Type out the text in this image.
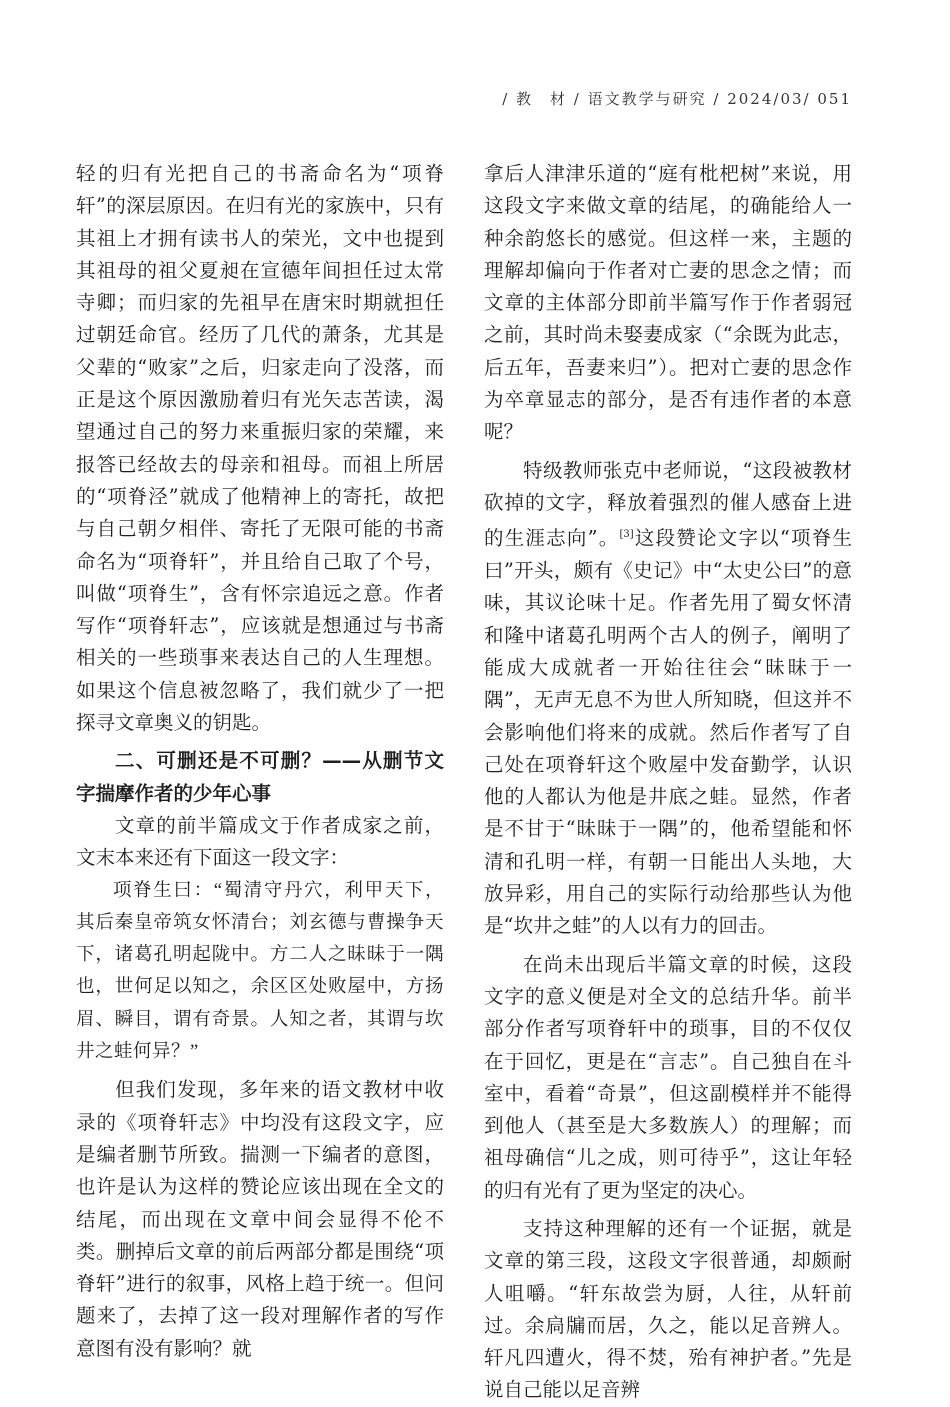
/ 教　材 / 语文教学与研究 / 2024/03/ 051

轻的归有光把自己的书斋命名为“项脊轩”的深层原因。在归有光的家族中，只有其祖上才拥有读书人的荣光，文中也提到其祖母的祖父夏昶在宣德年间担任过太常寺卿；而归家的先祖早在唐宋时期就担任过朝廷命官。经历了几代的萧条，尤其是父辈的“败家”之后，归家走向了没落，而正是这个原因激励着归有光矢志苦读，渴望通过自己的努力来重振归家的荣耀，来报答已经故去的母亲和祖母。而祖上所居的“项脊泾”就成了他精神上的寄托，故把与自己朝夕相伴、寄托了无限可能的书斋命名为“项脊轩”，并且给自己取了个号，叫做“项脊生”，含有怀宗追远之意。作者写作“项脊轩志”，应该就是想通过与书斋相关的一些琐事来表达自己的人生理想。如果这个信息被忽略了，我们就少了一把探寻文章奥义的钥匙。

二、可删还是不可删？——从删节文字揣摩作者的少年心事

文章的前半篇成文于作者成家之前，文末本来还有下面这一段文字：

项脊生曰：“蜀清守丹穴，利甲天下，其后秦皇帝筑女怀清台；刘玄德与曹操争天下，诸葛孔明起陇中。方二人之昧昧于一隅也，世何足以知之，余区区处败屋中，方扬眉、瞬目，谓有奇景。人知之者，其谓与坎井之蛙何异？”

但我们发现，多年来的语文教材中收录的《项脊轩志》中均没有这段文字，应是编者删节所致。揣测一下编者的意图，也许是认为这样的赞论应该出现在全文的结尾，而出现在文章中间会显得不伦不类。删掉后文章的前后两部分都是围绕“项脊轩”进行的叙事，风格上趋于统一。但问题来了，去掉了这一段对理解作者的写作意图有没有影响？就

拿后人津津乐道的“庭有枇杷树”来说，用这段文字来做文章的结尾，的确能给人一种余韵悠长的感觉。但这样一来，主题的理解却偏向于作者对亡妻的思念之情；而文章的主体部分即前半篇写作于作者弱冠之前，其时尚未娶妻成家（“余既为此志，后五年，吾妻来归”）。把对亡妻的思念作为卒章显志的部分，是否有违作者的本意呢？

特级教师张克中老师说，“这段被教材砍掉的文字，释放着强烈的催人感奋上进的生涯志向”。[3]这段赞论文字以“项脊生曰”开头，颇有《史记》中“太史公曰”的意味，其议论味十足。作者先用了蜀女怀清和隆中诸葛孔明两个古人的例子，阐明了能成大成就者一开始往往会“昧昧于一隅”，无声无息不为世人所知晓，但这并不会影响他们将来的成就。然后作者写了自己处在项脊轩这个败屋中发奋勤学，认识他的人都认为他是井底之蛙。显然，作者是不甘于“昧昧于一隅”的，他希望能和怀清和孔明一样，有朝一日能出人头地，大放异彩，用自己的实际行动给那些认为他是“坎井之蛙”的人以有力的回击。

在尚未出现后半篇文章的时候，这段文字的意义便是对全文的总结升华。前半部分作者写项脊轩中的琐事，目的不仅仅在于回忆，更是在“言志”。自己独自在斗室中，看着“奇景”，但这副模样并不能得到他人（甚至是大多数族人）的理解；而祖母确信“儿之成，则可待乎”，这让年轻的归有光有了更为坚定的决心。

支持这种理解的还有一个证据，就是文章的第三段，这段文字很普通，却颇耐人咀嚼。“轩东故尝为厨，人往，从轩前过。余扃牖而居，久之，能以足音辨人。轩凡四遭火，得不焚，殆有神护者。”先是说自己能以足音辨
